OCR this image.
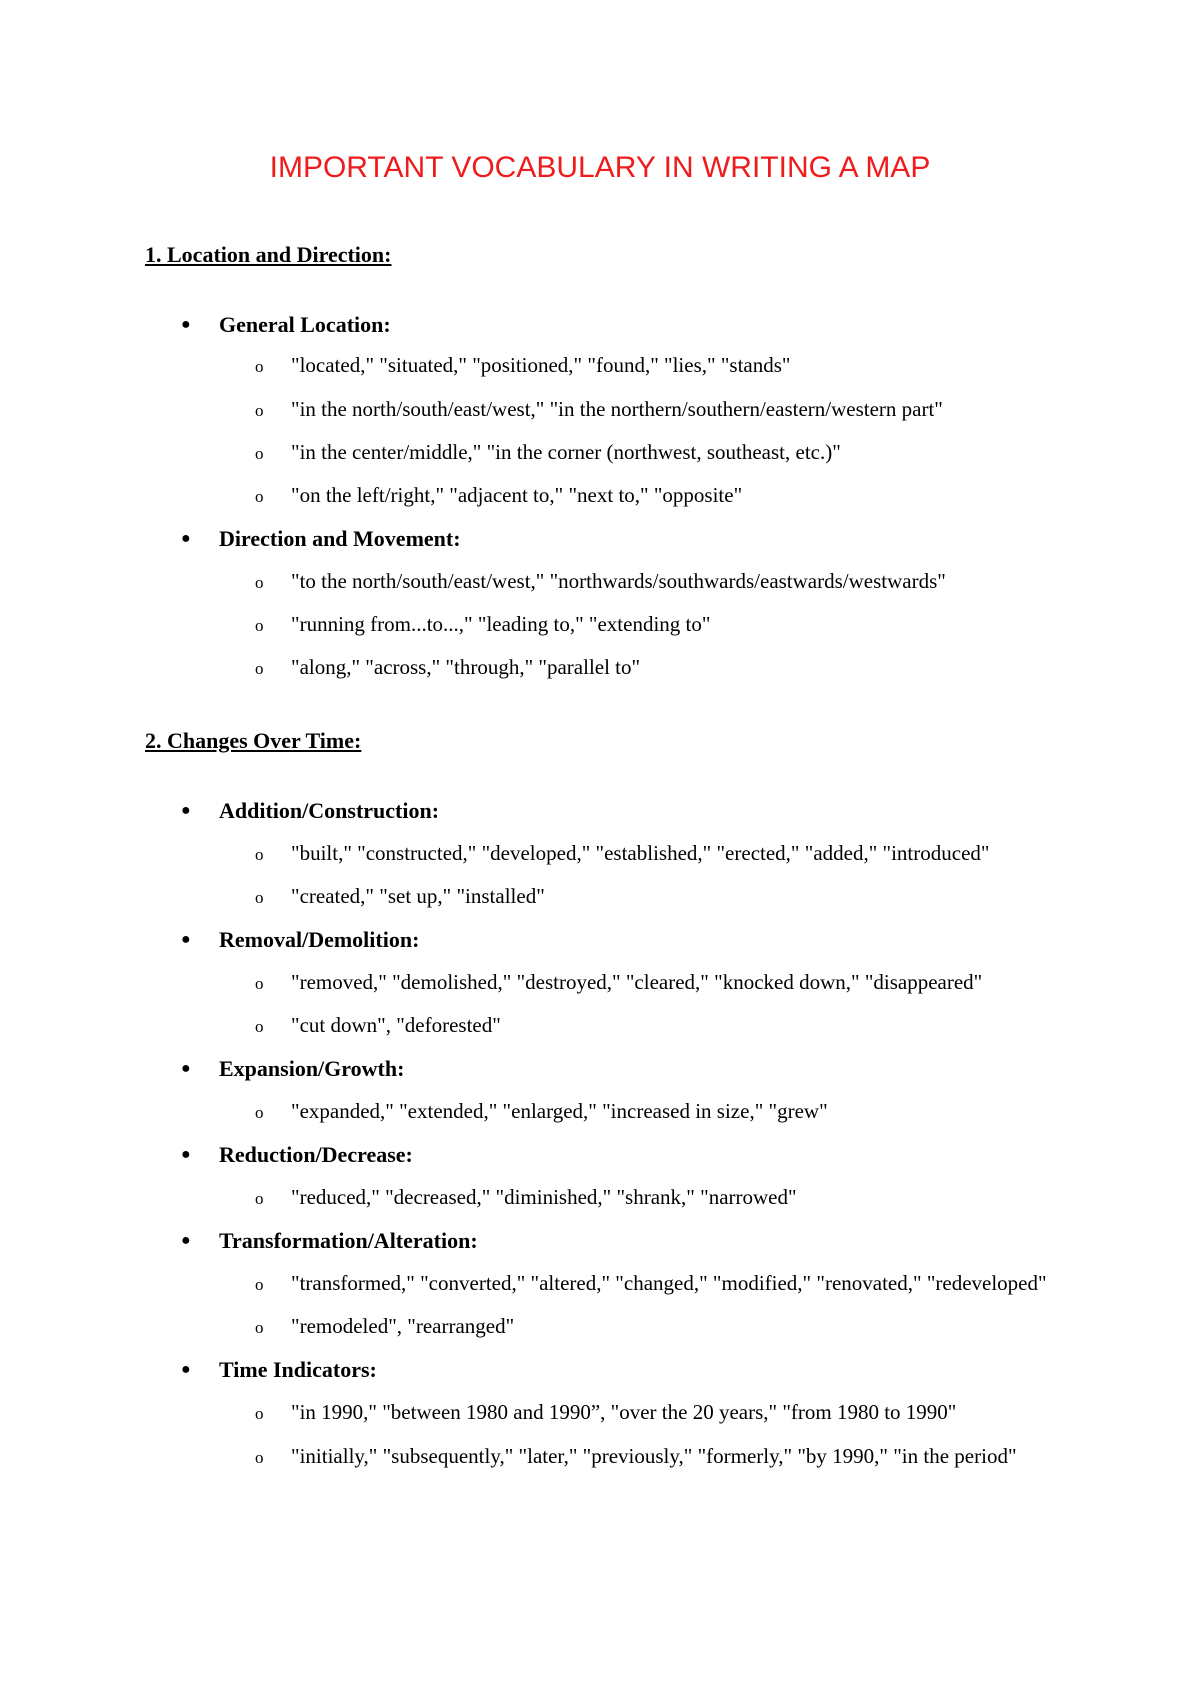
IMPORTANT VOCABULARY IN WRITING A MAP
1. Location and Direction:
● General Location:
o "located," "situated," "positioned," "found," "lies," "stands"
o "in the north/south/east/west," "in the northern/southern/eastern/western part"
o "in the center/middle," "in the corner (northwest, southeast, etc.)"
o "on the left/right," "adjacent to," "next to," "opposite"
● Direction and Movement:
o "to the north/south/east/west," "northwards/southwards/eastwards/westwards"
o "running from...to...," "leading to," "extending to"
o "along," "across," "through," "parallel to"
2. Changes Over Time:
● Addition/Construction:
o "built," "constructed," "developed," "established," "erected," "added," "introduced"
o "created," "set up," "installed"
● Removal/Demolition:
o "removed," "demolished," "destroyed," "cleared," "knocked down," "disappeared"
o "cut down", "deforested"
● Expansion/Growth:
o "expanded," "extended," "enlarged," "increased in size," "grew"
● Reduction/Decrease:
o "reduced," "decreased," "diminished," "shrank," "narrowed"
● Transformation/Alteration:
o "transformed," "converted," "altered," "changed," "modified," "renovated," "redeveloped"
o "remodeled", "rearranged"
● Time Indicators:
o "in 1990," "between 1980 and 1990”, "over the 20 years," "from 1980 to 1990"
o "initially," "subsequently," "later," "previously," "formerly," "by 1990," "in the period"
